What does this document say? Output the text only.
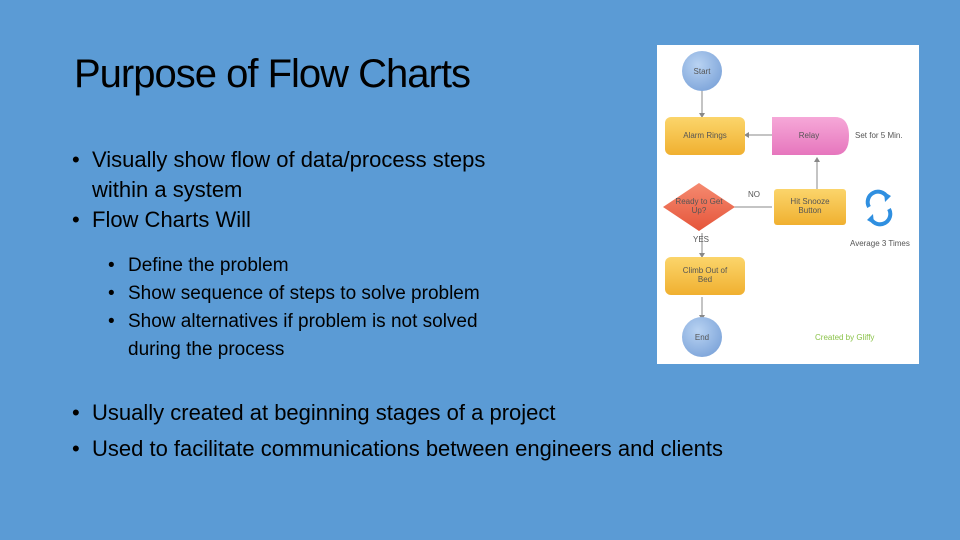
Purpose of Flow Charts
• Visually show flow of data/process steps
within a system
• Flow Charts Will
• Define the problem
• Show sequence of steps to solve problem
• Show alternatives if problem is not solved
during the process
• Usually created at beginning stages of a project
• Used to facilitate communications between engineers and clients
Start
Alarm Rings	Relay	Set for 5 Min.
Ready to Get
Up?
NO
YES
Hit Snooze
Button
Average 3 Times
Climb Out of
Bed
End	Created by Gliffy
